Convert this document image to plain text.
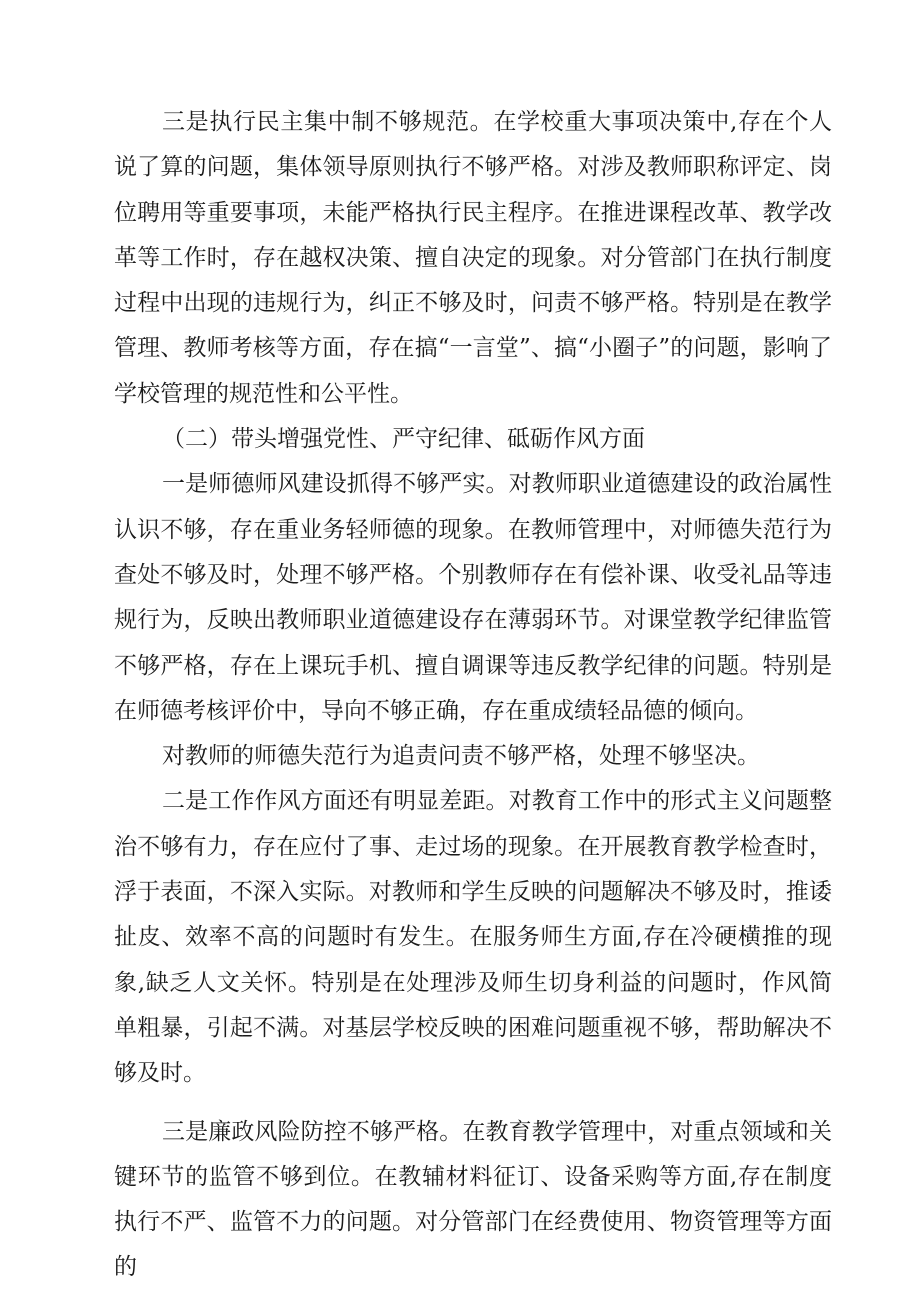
三是执行民主集中制不够规范。在学校重大事项决策中,存在个人说了算的问题，集体领导原则执行不够严格。对涉及教师职称评定、岗位聘用等重要事项，未能严格执行民主程序。在推进课程改革、教学改革等工作时，存在越权决策、擅自决定的现象。对分管部门在执行制度过程中出现的违规行为，纠正不够及时，问责不够严格。特别是在教学管理、教师考核等方面，存在搞“一言堂”、搞“小圈子”的问题，影响了学校管理的规范性和公平性。

（二）带头增强党性、严守纪律、砥砺作风方面

一是师德师风建设抓得不够严实。对教师职业道德建设的政治属性认识不够，存在重业务轻师德的现象。在教师管理中，对师德失范行为查处不够及时，处理不够严格。个别教师存在有偿补课、收受礼品等违规行为，反映出教师职业道德建设存在薄弱环节。对课堂教学纪律监管不够严格，存在上课玩手机、擅自调课等违反教学纪律的问题。特别是在师德考核评价中，导向不够正确，存在重成绩轻品德的倾向。

对教师的师德失范行为追责问责不够严格，处理不够坚决。

二是工作作风方面还有明显差距。对教育工作中的形式主义问题整治不够有力，存在应付了事、走过场的现象。在开展教育教学检查时，浮于表面，不深入实际。对教师和学生反映的问题解决不够及时，推诿扯皮、效率不高的问题时有发生。在服务师生方面,存在冷硬横推的现象,缺乏人文关怀。特别是在处理涉及师生切身利益的问题时，作风简单粗暴，引起不满。对基层学校反映的困难问题重视不够，帮助解决不够及时。

三是廉政风险防控不够严格。在教育教学管理中，对重点领域和关键环节的监管不够到位。在教辅材料征订、设备采购等方面,存在制度执行不严、监管不力的问题。对分管部门在经费使用、物资管理等方面的
